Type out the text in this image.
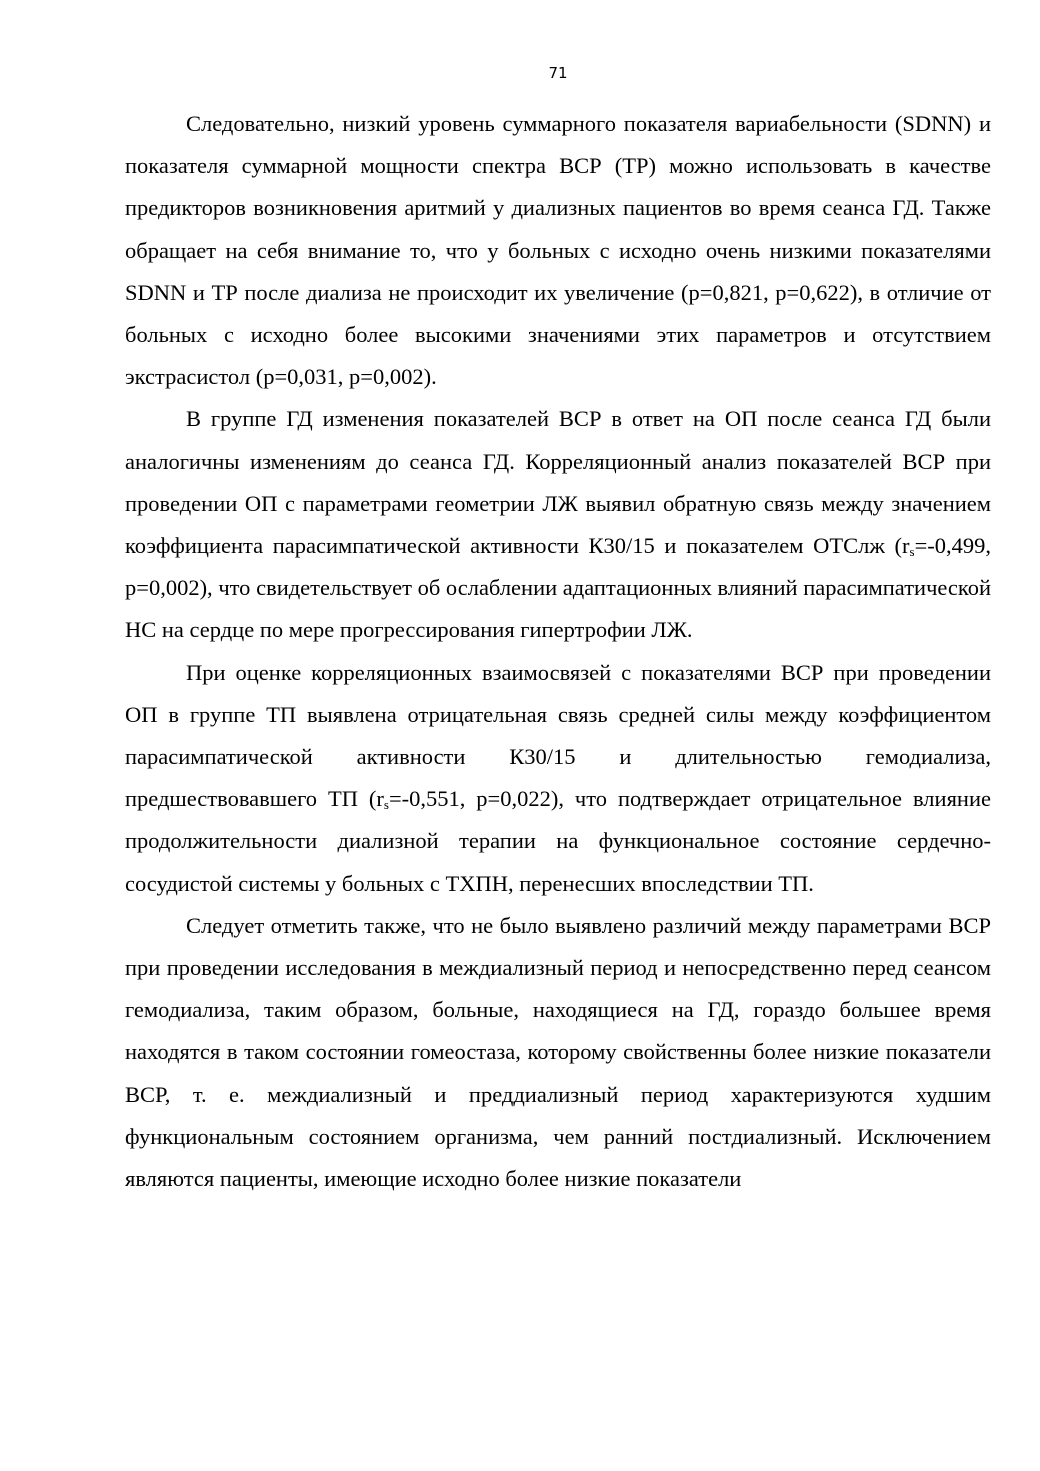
71

Следовательно, низкий уровень суммарного показателя вариабельности (SDNN) и показателя суммарной мощности спектра ВСР (ТР) можно использовать в качестве предикторов возникновения аритмий у диализных пациентов во время сеанса ГД. Также обращает на себя внимание то, что у больных с исходно очень низкими показателями SDNN и ТР после диализа не происходит их увеличение (p=0,821, p=0,622), в отличие от больных с исходно более высокими значениями этих параметров и отсутствием экстрасистол (p=0,031, p=0,002).

В группе ГД изменения показателей ВСР в ответ на ОП после сеанса ГД были аналогичны изменениям до сеанса ГД. Корреляционный анализ показателей ВСР при проведении ОП с параметрами геометрии ЛЖ выявил обратную связь между значением коэффициента парасимпатической активности К30/15 и показателем ОТСлж ($r_s=-0,499$, p=0,002), что свидетельствует об ослаблении адаптационных влияний парасимпатической НС на сердце по мере прогрессирования гипертрофии ЛЖ.

При оценке корреляционных взаимосвязей с показателями ВСР при проведении ОП в группе ТП выявлена отрицательная связь средней силы между коэффициентом парасимпатической активности К30/15 и длительностью гемодиализа, предшествовавшего ТП ($r_s=-0,551$, p=0,022), что подтверждает отрицательное влияние продолжительности диализной терапии на функциональное состояние сердечно-сосудистой системы у больных с ТХПН, перенесших впоследствии ТП.

Следует отметить также, что не было выявлено различий между параметрами ВСР при проведении исследования в междиализный период и непосредственно перед сеансом гемодиализа, таким образом, больные, находящиеся на ГД, гораздо большее время находятся в таком состоянии гомеостаза, которому свойственны более низкие показатели ВСР, т. е. междиализный и преддиализный период характеризуются худшим функциональным состоянием организма, чем ранний постдиализный. Исключением являются пациенты, имеющие исходно более низкие показатели
